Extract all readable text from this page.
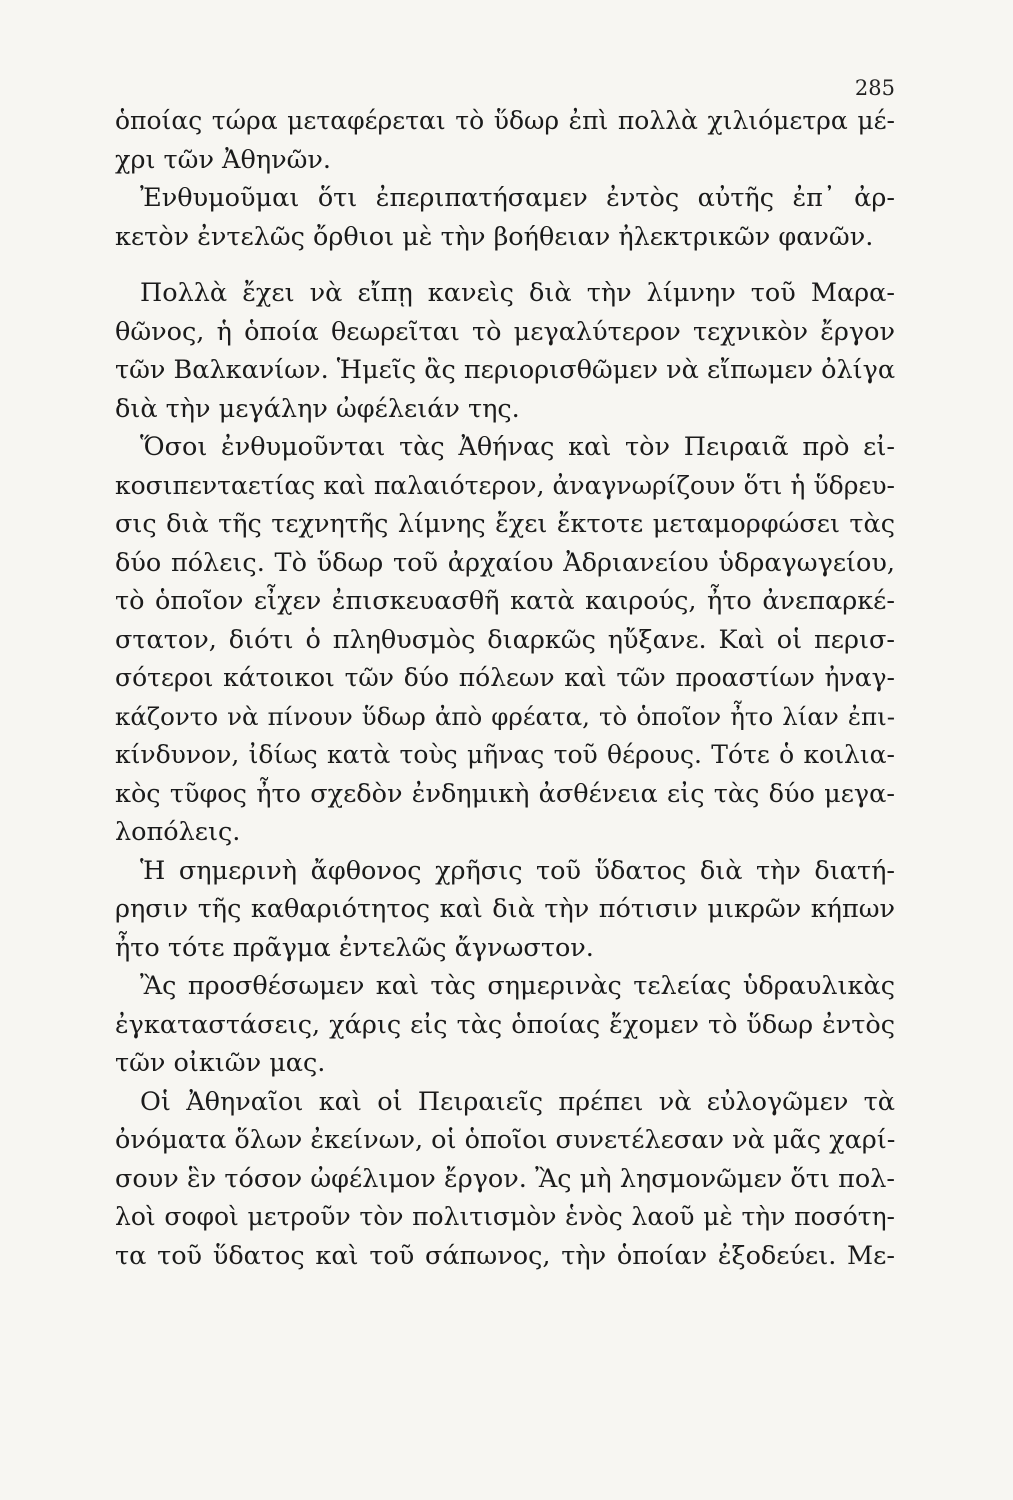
285
ὁποίας τώρα μεταφέρεται τὸ ὕδωρ ἐπὶ πολλὰ χιλιόμετρα μέ-
χρι τῶν Ἀθηνῶν.
Ἐνθυμοῦμαι ὅτι ἐπεριπατήσαμεν ἐντὸς αὐτῆς ἐπ᾽ ἀρ-
κετὸν ἐντελῶς ὄρθιοι μὲ τὴν βοήθειαν ἠλεκτρικῶν φανῶν.
Πολλὰ ἔχει νὰ εἴπῃ κανεὶς διὰ τὴν λίμνην τοῦ Μαρα-
θῶνος, ἡ ὁποία θεωρεῖται τὸ μεγαλύτερον τεχνικὸν ἔργον
τῶν Βαλκανίων. Ἡμεῖς ἂς περιορισθῶμεν νὰ εἴπωμεν ὀλίγα
διὰ τὴν μεγάλην ὠφέλειάν της.
Ὅσοι ἐνθυμοῦνται τὰς Ἀθήνας καὶ τὸν Πειραιᾶ πρὸ εἰ-
κοσιπενταετίας καὶ παλαιότερον, ἀναγνωρίζουν ὅτι ἡ ὕδρευ-
σις διὰ τῆς τεχνητῆς λίμνης ἔχει ἔκτοτε μεταμορφώσει τὰς
δύο πόλεις. Τὸ ὕδωρ τοῦ ἀρχαίου Ἀδριανείου ὑδραγωγείου,
τὸ ὁποῖον εἶχεν ἐπισκευασθῆ κατὰ καιρούς, ἦτο ἀνεπαρκέ-
στατον, διότι ὁ πληθυσμὸς διαρκῶς ηὔξανε. Καὶ οἱ περισ-
σότεροι κάτοικοι τῶν δύο πόλεων καὶ τῶν προαστίων ἠναγ-
κάζοντο νὰ πίνουν ὕδωρ ἀπὸ φρέατα, τὸ ὁποῖον ἦτο λίαν ἐπι-
κίνδυνον, ἰδίως κατὰ τοὺς μῆνας τοῦ θέρους. Τότε ὁ κοιλια-
κὸς τῦφος ἦτο σχεδὸν ἐνδημικὴ ἀσθένεια εἰς τὰς δύο μεγα-
λοπόλεις.
Ἡ σημερινὴ ἄφθονος χρῆσις τοῦ ὕδατος διὰ τὴν διατή-
ρησιν τῆς καθαριότητος καὶ διὰ τὴν πότισιν μικρῶν κήπων
ἦτο τότε πρᾶγμα ἐντελῶς ἄγνωστον.
Ἂς προσθέσωμεν καὶ τὰς σημερινὰς τελείας ὑδραυλικὰς
ἐγκαταστάσεις, χάρις εἰς τὰς ὁποίας ἔχομεν τὸ ὕδωρ ἐντὸς
τῶν οἰκιῶν μας.
Οἱ Ἀθηναῖοι καὶ οἱ Πειραιεῖς πρέπει νὰ εὐλογῶμεν τὰ
ὀνόματα ὅλων ἐκείνων, οἱ ὁποῖοι συνετέλεσαν νὰ μᾶς χαρί-
σουν ἓν τόσον ὠφέλιμον ἔργον. Ἂς μὴ λησμονῶμεν ὅτι πολ-
λοὶ σοφοὶ μετροῦν τὸν πολιτισμὸν ἑνὸς λαοῦ μὲ τὴν ποσότη-
τα τοῦ ὕδατος καὶ τοῦ σάπωνος, τὴν ὁποίαν ἐξοδεύει. Με-
